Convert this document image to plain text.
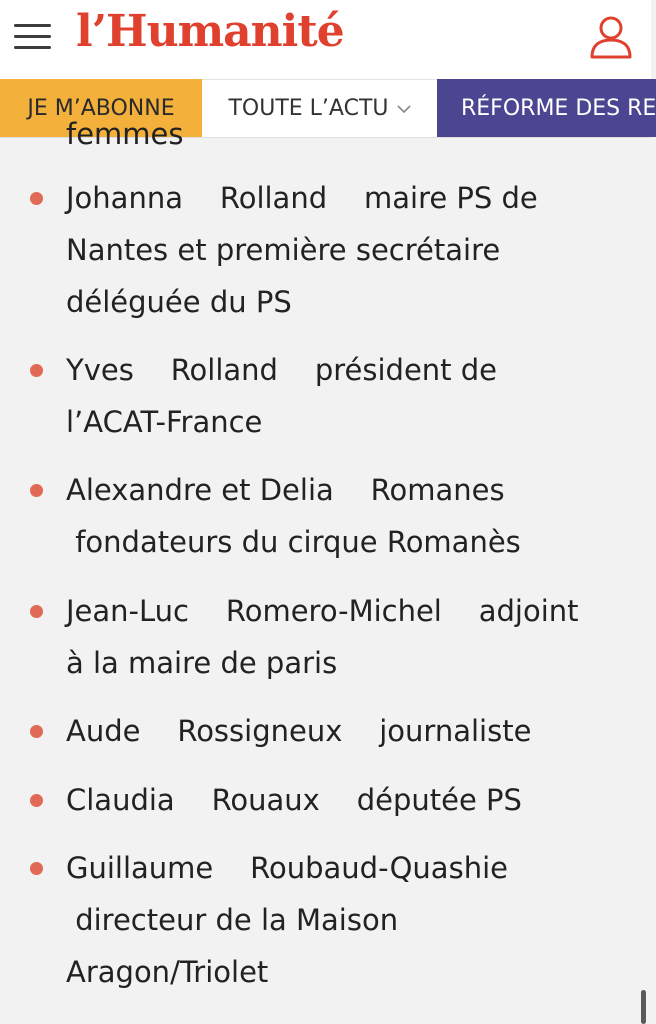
l’Humanité
JE M’ABONNE	TOUTE L’ACTU	RÉFORME DES RE
femmes
Johanna    Rolland    maire PS de
Nantes et première secrétaire
déléguée du PS
Yves    Rolland    président de
l’ACAT-France
Alexandre et Delia    Romanes
fondateurs du cirque Romanès
Jean-Luc    Romero-Michel    adjoint
à la maire de paris
Aude    Rossigneux    journaliste
Claudia    Rouaux    députée PS
Guillaume    Roubaud-Quashie
directeur de la Maison
Aragon/Triolet
